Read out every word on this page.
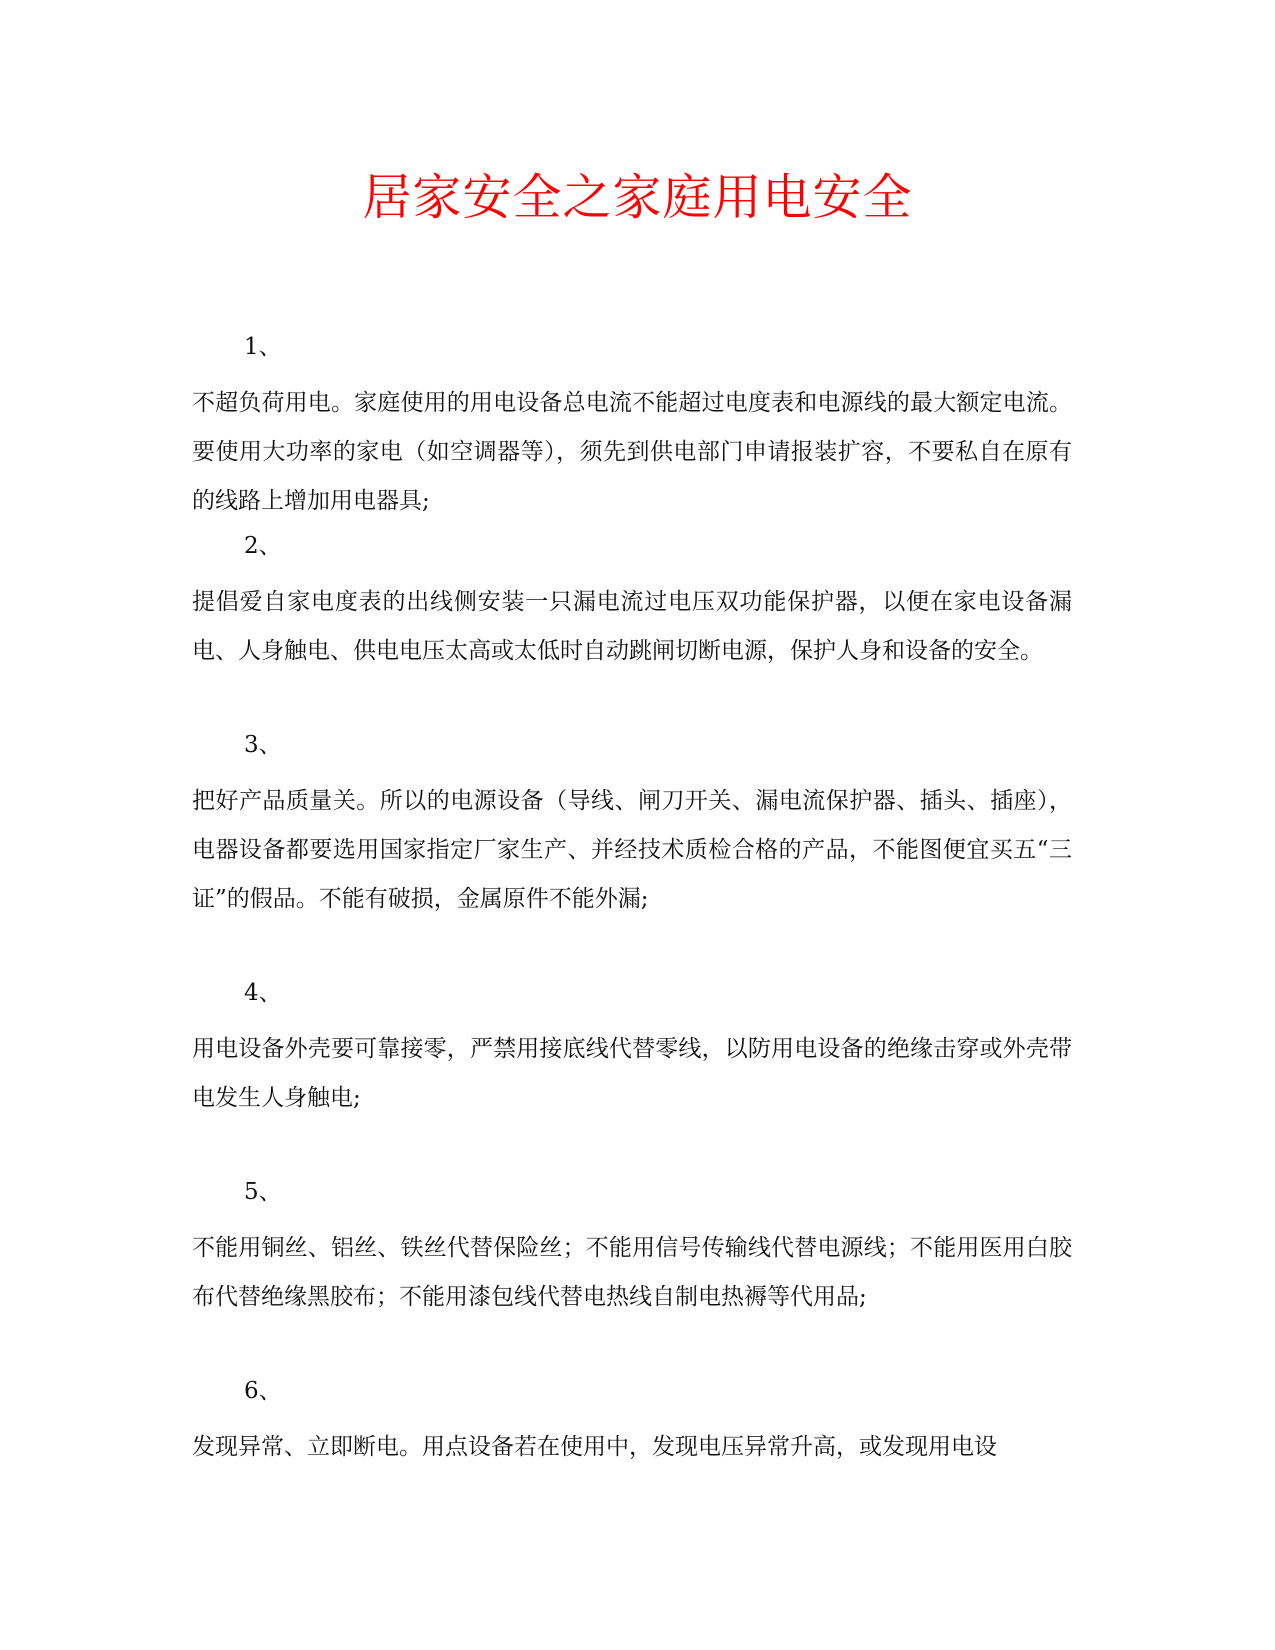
居家安全之家庭用电安全

1、

不超负荷用电。家庭使用的用电设备总电流不能超过电度表和电源线的最大额定电流。要使用大功率的家电（如空调器等），须先到供电部门申请报装扩容，不要私自在原有的线路上增加用电器具;

2、

提倡爱自家电度表的出线侧安装一只漏电流过电压双功能保护器，以便在家电设备漏电、人身触电、供电电压太高或太低时自动跳闸切断电源，保护人身和设备的安全。

3、

把好产品质量关。所以的电源设备（导线、闸刀开关、漏电流保护器、插头、插座），电器设备都要选用国家指定厂家生产、并经技术质检合格的产品，不能图便宜买五“三证”的假品。不能有破损，金属原件不能外漏;

4、

用电设备外壳要可靠接零，严禁用接底线代替零线，以防用电设备的绝缘击穿或外壳带电发生人身触电;

5、

不能用铜丝、铝丝、铁丝代替保险丝；不能用信号传输线代替电源线；不能用医用白胶布代替绝缘黑胶布；不能用漆包线代替电热线自制电热褥等代用品;

6、

发现异常、立即断电。用点设备若在使用中，发现电压异常升高，或发现用电设
